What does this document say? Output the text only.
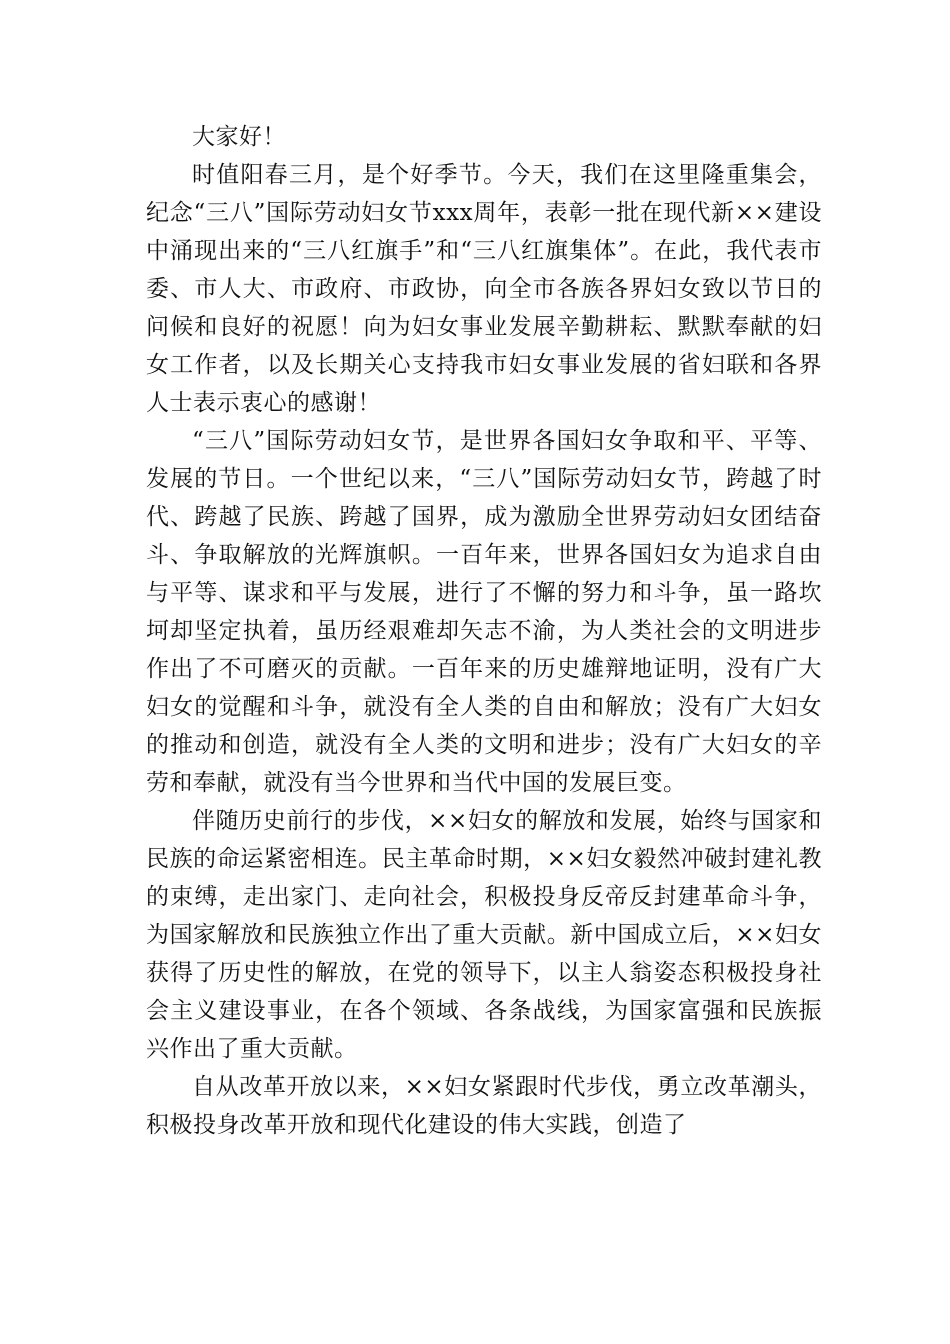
大家好！

时值阳春三月，是个好季节。今天，我们在这里隆重集会，纪念“三八”国际劳动妇女节xxx周年，表彰一批在现代新××建设中涌现出来的“三八红旗手”和“三八红旗集体”。在此，我代表市委、市人大、市政府、市政协，向全市各族各界妇女致以节日的问候和良好的祝愿！向为妇女事业发展辛勤耕耘、默默奉献的妇女工作者，以及长期关心支持我市妇女事业发展的省妇联和各界人士表示衷心的感谢！

“三八”国际劳动妇女节，是世界各国妇女争取和平、平等、发展的节日。一个世纪以来，“三八”国际劳动妇女节，跨越了时代、跨越了民族、跨越了国界，成为激励全世界劳动妇女团结奋斗、争取解放的光辉旗帜。一百年来，世界各国妇女为追求自由与平等、谋求和平与发展，进行了不懈的努力和斗争，虽一路坎坷却坚定执着，虽历经艰难却矢志不渝，为人类社会的文明进步作出了不可磨灭的贡献。一百年来的历史雄辩地证明，没有广大妇女的觉醒和斗争，就没有全人类的自由和解放；没有广大妇女的推动和创造，就没有全人类的文明和进步；没有广大妇女的辛劳和奉献，就没有当今世界和当代中国的发展巨变。

伴随历史前行的步伐，××妇女的解放和发展，始终与国家和民族的命运紧密相连。民主革命时期，××妇女毅然冲破封建礼教的束缚，走出家门、走向社会，积极投身反帝反封建革命斗争，为国家解放和民族独立作出了重大贡献。新中国成立后，××妇女获得了历史性的解放，在党的领导下，以主人翁姿态积极投身社会主义建设事业，在各个领域、各条战线，为国家富强和民族振兴作出了重大贡献。

自从改革开放以来，××妇女紧跟时代步伐，勇立改革潮头，积极投身改革开放和现代化建设的伟大实践，创造了
